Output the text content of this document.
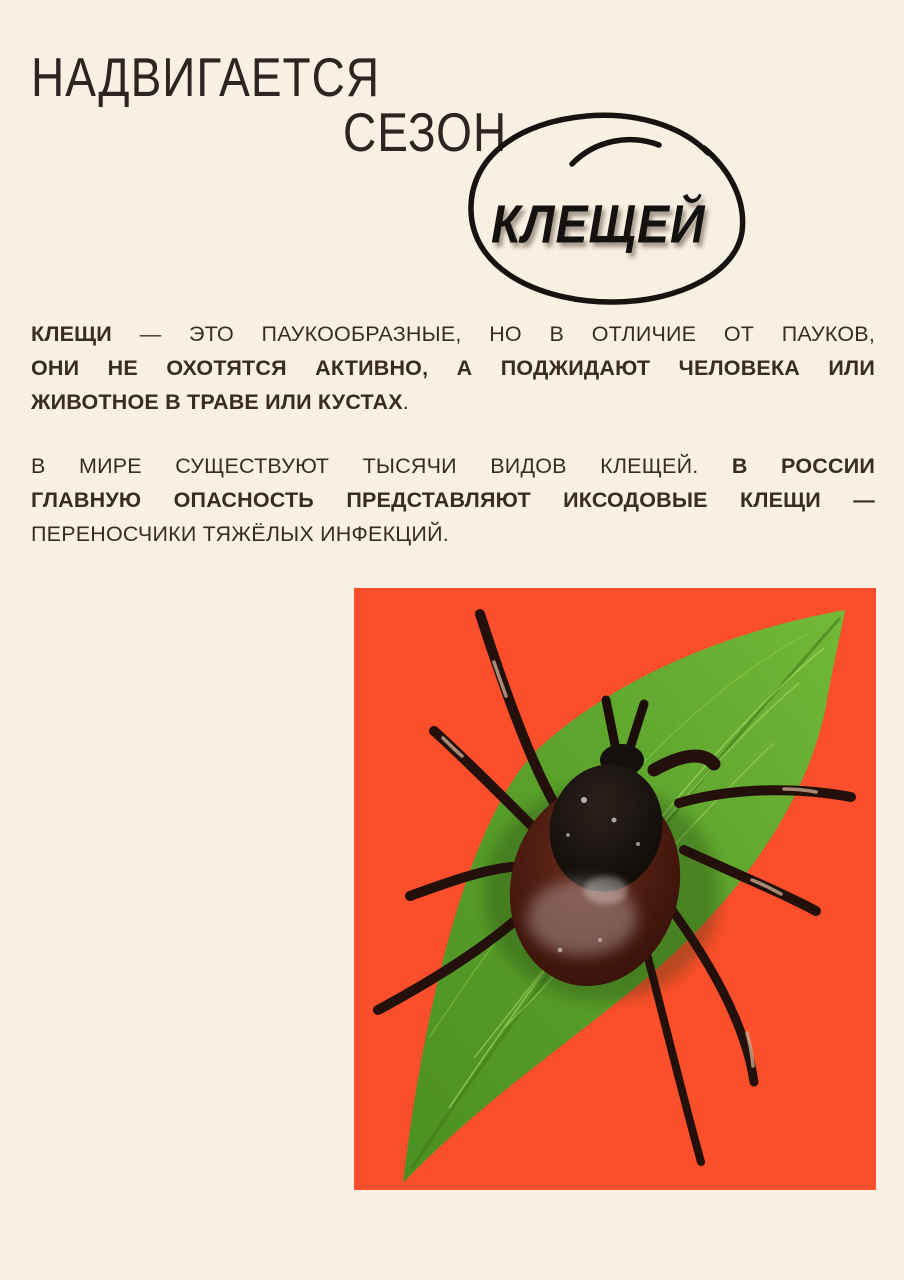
НАДВИГАЕТСЯ
СЕЗОН
КЛЕЩЕЙ
КЛЕЩИ — ЭТО ПАУКООБРАЗНЫЕ, НО В ОТЛИЧИЕ ОТ ПАУКОВ,
ОНИ НЕ ОХОТЯТСЯ АКТИВНО, А ПОДЖИДАЮТ ЧЕЛОВЕКА ИЛИ
ЖИВОТНОЕ В ТРАВЕ ИЛИ КУСТАХ.
В МИРЕ СУЩЕСТВУЮТ ТЫСЯЧИ ВИДОВ КЛЕЩЕЙ. В РОССИИ
ГЛАВНУЮ ОПАСНОСТЬ ПРЕДСТАВЛЯЮТ ИКСОДОВЫЕ КЛЕЩИ —
ПЕРЕНОСЧИКИ ТЯЖЁЛЫХ ИНФЕКЦИЙ.
